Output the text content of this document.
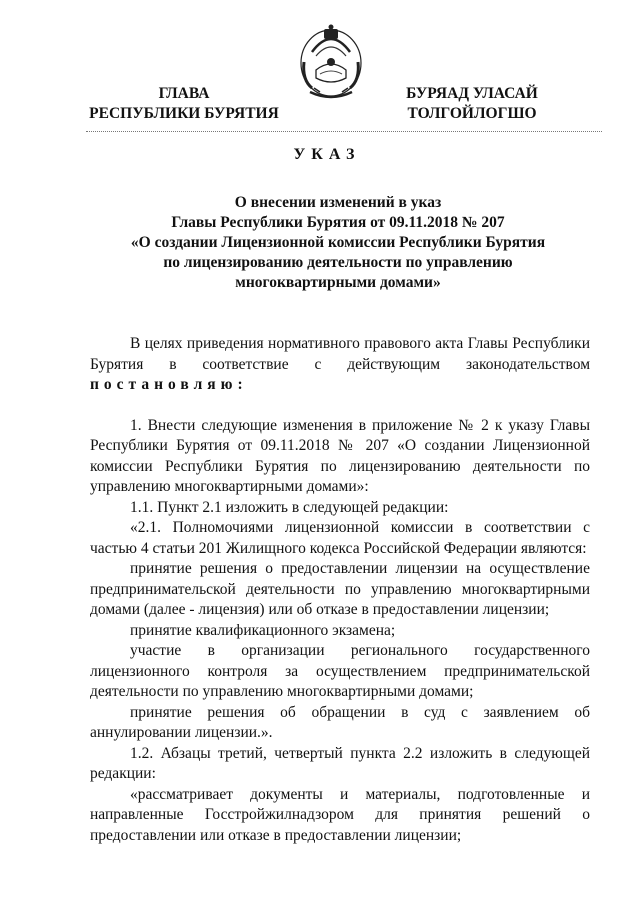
ГЛАВА
РЕСПУБЛИКИ БУРЯТИЯ
БУРЯАД УЛАСАЙ
ТОЛГОЙЛОГШО
УКАЗ
О внесении изменений в указ
Главы Республики Бурятия от 09.11.2018 № 207
«О создании Лицензионной комиссии Республики Бурятия
по лицензированию деятельности по управлению
многоквартирными домами»

В целях приведения нормативного правового акта Главы Республики Бурятия в соответствие с действующим законодательством постановляю:

1. Внести следующие изменения в приложение № 2 к указу Главы Республики Бурятия от 09.11.2018 № 207 «О создании Лицензионной комиссии Республики Бурятия по лицензированию деятельности по управлению многоквартирными домами»:

1.1. Пункт 2.1 изложить в следующей редакции:

«2.1. Полномочиями лицензионной комиссии в соответствии с частью 4 статьи 201 Жилищного кодекса Российской Федерации являются:

принятие решения о предоставлении лицензии на осуществление предпринимательской деятельности по управлению многоквартирными домами (далее - лицензия) или об отказе в предоставлении лицензии;

принятие квалификационного экзамена;

участие в организации регионального государственного лицензионного контроля за осуществлением предпринимательской деятельности по управлению многоквартирными домами;

принятие решения об обращении в суд с заявлением об аннулировании лицензии.».

1.2. Абзацы третий, четвертый пункта 2.2 изложить в следующей редакции:

«рассматривает документы и материалы, подготовленные и направленные Госстройжилнадзором для принятия решений о предоставлении или отказе в предоставлении лицензии;
